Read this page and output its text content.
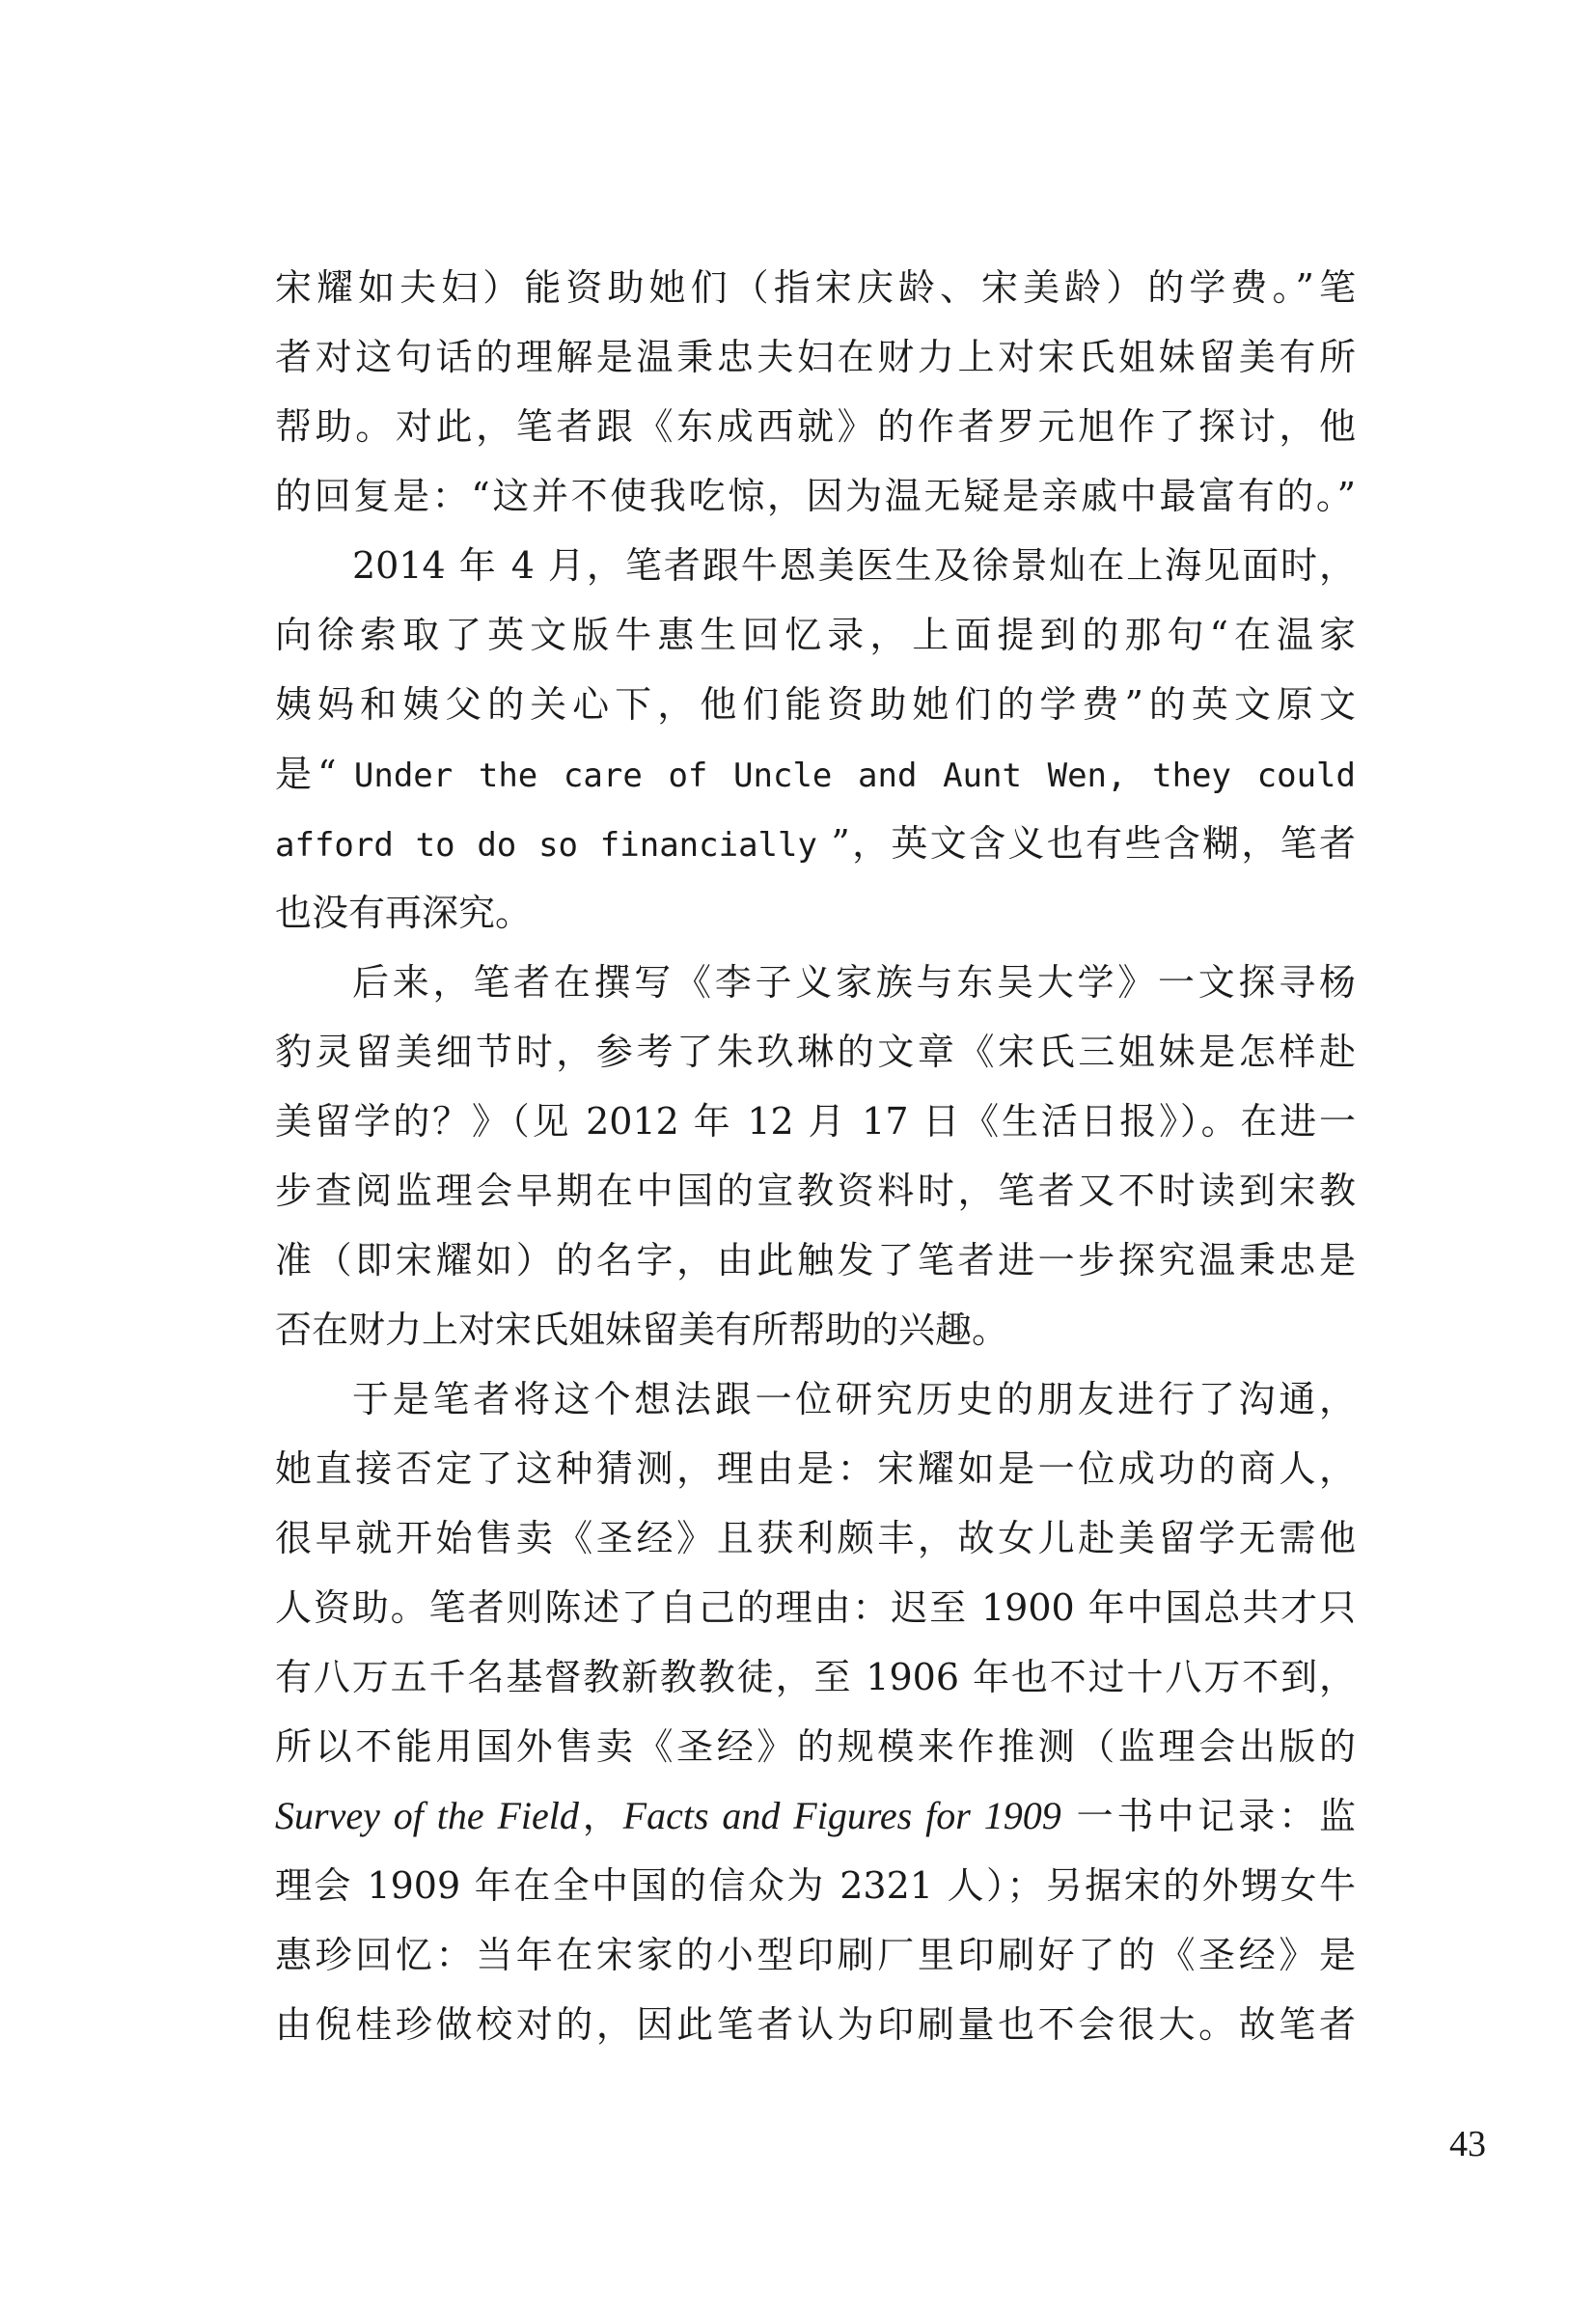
宋耀如夫妇）能资助她们（指宋庆龄、宋美龄）的学费。”笔
者对这句话的理解是温秉忠夫妇在财力上对宋氏姐妹留美有所
帮助。对此，笔者跟《东成西就》的作者罗元旭作了探讨，他
的回复是：“这并不使我吃惊，因为温无疑是亲戚中最富有的。”
2014 年 4 月，笔者跟牛恩美医生及徐景灿在上海见面时，
向徐索取了英文版牛惠生回忆录，上面提到的那句“在温家
姨妈和姨父的关心下，他们能资助她们的学费”的英文原文
是“ Under the care of Uncle and Aunt Wen, they could
afford to do so financially ”，英文含义也有些含糊，笔者
也没有再深究。
后来，笔者在撰写《李子义家族与东吴大学》一文探寻杨
豹灵留美细节时，参考了朱玖琳的文章《宋氏三姐妹是怎样赴
美留学的？》（见 2012 年 12 月 17 日《生活日报》）。在进一
步查阅监理会早期在中国的宣教资料时，笔者又不时读到宋教
准（即宋耀如）的名字，由此触发了笔者进一步探究温秉忠是
否在财力上对宋氏姐妹留美有所帮助的兴趣。
于是笔者将这个想法跟一位研究历史的朋友进行了沟通，
她直接否定了这种猜测，理由是：宋耀如是一位成功的商人，
很早就开始售卖《圣经》且获利颇丰，故女儿赴美留学无需他
人资助。笔者则陈述了自己的理由：迟至 1900 年中国总共才只
有八万五千名基督教新教教徒，至 1906 年也不过十八万不到，
所以不能用国外售卖《圣经》的规模来作推测（监理会出版的
Survey of the Field，Facts and Figures for 1909 一书中记录：监
理会 1909 年在全中国的信众为 2321 人）；另据宋的外甥女牛
惠珍回忆：当年在宋家的小型印刷厂里印刷好了的《圣经》是
由倪桂珍做校对的，因此笔者认为印刷量也不会很大。故笔者
43
